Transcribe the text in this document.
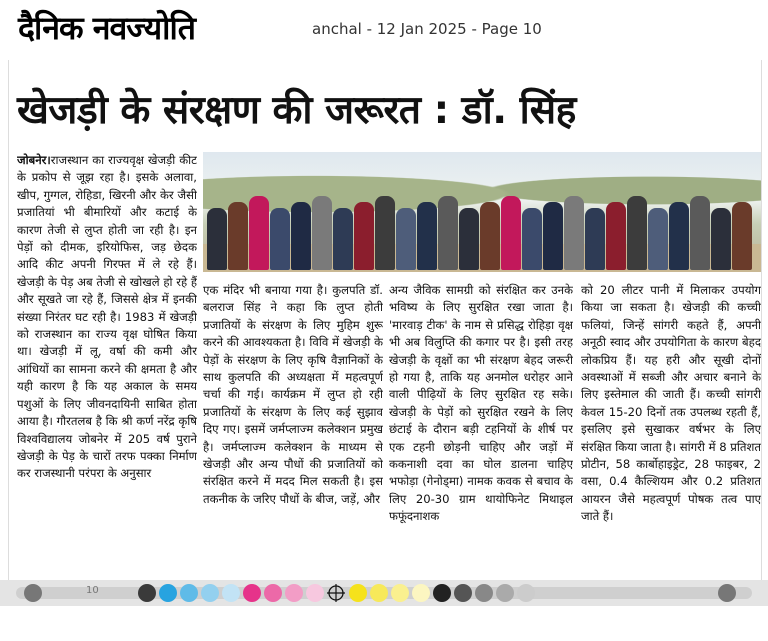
दैनिक नवज्योति	anchal - 12 Jan 2025 - Page 10
खेजड़ी के संरक्षण की जरूरत : डॉ. सिंह
जोबनेर।राजस्थान का राज्यवृक्ष खेजड़ी कीट के प्रकोप से जूझ रहा है। इसके अलावा, खीप, गुग्गल, रोहिडा, खिरनी और केर जैसी प्रजातियां भी बीमारियों और कटाई के कारण तेजी से लुप्त होती जा रही है। इन पेड़ों को दीमक, इरियोफिस, जड़ छेदक आदि कीट अपनी गिरफ्त में ले रहे हैं। खेजड़ी के पेड़ अब तेजी से खोखले हो रहे हैं और सूखते जा रहे हैं, जिससे क्षेत्र में इनकी संख्या निरंतर घट रही है। 1983 में खेजड़ी को राजस्थान का राज्य वृक्ष घोषित किया था। खेजड़ी में लू, वर्षा की कमी और आंधियों का सामना करने की क्षमता है और यही कारण है कि यह अकाल के समय पशुओं के लिए जीवनदायिनी साबित होता आया है। गौरतलब है कि श्री कर्ण नरेंद्र कृषि विश्वविद्यालय जोबनेर में 205 वर्ष पुराने खेजड़ी के पेड़ के चारों तरफ पक्का निर्माण कर राजस्थानी परंपरा के अनुसार
एक मंदिर भी बनाया गया है। कुलपति डॉ. बलराज सिंह ने कहा कि लुप्त होती प्रजातियों के संरक्षण के लिए मुहिम शुरू करने की आवश्यकता है। विवि में खेजड़ी के पेड़ों के संरक्षण के लिए कृषि वैज्ञानिकों के साथ कुलपति की अध्यक्षता में महत्वपूर्ण चर्चा की गई। कार्यक्रम में लुप्त हो रही प्रजातियों के संरक्षण के लिए कई सुझाव दिए गए। इसमें जर्मप्लाज्म कलेक्शन प्रमुख है। जर्मप्लाज्म कलेक्शन के माध्यम से खेजड़ी और अन्य पौधों की प्रजातियों को संरक्षित करने में मदद मिल सकती है। इस तकनीक के जरिए पौधों के बीज, जड़ें, और
अन्य जैविक सामग्री को संरक्षित कर उनके भविष्य के लिए सुरक्षित रखा जाता है। 'मारवाड़ टीक' के नाम से प्रसिद्ध रोहिड़ा वृक्ष भी अब विलुप्ति की कगार पर है। इसी तरह खेजड़ी के वृक्षों का भी संरक्षण बेहद जरूरी हो गया है, ताकि यह अनमोल धरोहर आने वाली पीढ़ियों के लिए सुरक्षित रह सके। खेजड़ी के पेड़ों को सुरक्षित रखने के लिए छंटाई के दौरान बड़ी टहनियों के शीर्ष पर एक टहनी छोड़नी चाहिए और जड़ों में ककनाशी दवा का घोल डालना चाहिए भफोड़ा (गेनोड्मा) नामक कवक से बचाव के लिए 20-30 ग्राम थायोफिनेट मिथाइल फफूंदनाशक
को 20 लीटर पानी में मिलाकर उपयोग किया जा सकता है। खेजड़ी की कच्ची फलियां, जिन्हें सांगरी कहते हैं, अपनी अनूठी स्वाद और उपयोगिता के कारण बेहद लोकप्रिय हैं। यह हरी और सूखी दोनों अवस्थाओं में सब्जी और अचार बनाने के लिए इस्तेमाल की जाती हैं। कच्ची सांगरी केवल 15-20 दिनों तक उपलब्ध रहती हैं, इसलिए इसे सुखाकर वर्षभर के लिए संरक्षित किया जाता है। सांगरी में 8 प्रतिशत प्रोटीन, 58 कार्बोहाइड्रेट, 28 फाइबर, 2 वसा, 0.4 कैल्शियम और 0.2 प्रतिशत आयरन जैसे महत्वपूर्ण पोषक तत्व पाए जाते हैं।
10
